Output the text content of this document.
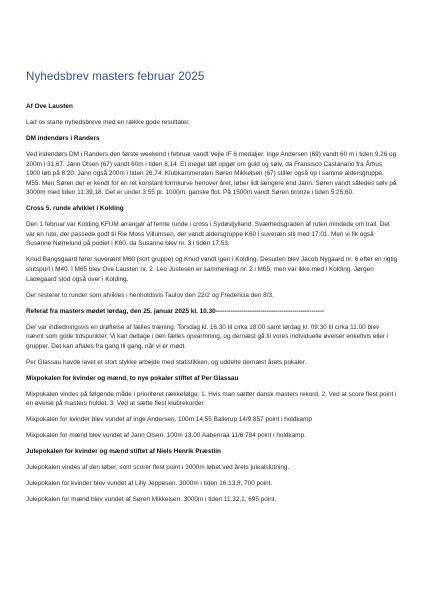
Nyhedsbrev masters februar 2025

Af Ove Lausten

Lad os starte nyhedsbreve med en række gode resultater.

DM indendørs i Randers

Ved indendørs DM i Randers den første weekend i februar vandt Vejle IF 6 medaljer. Inge Andersen (69) vandt 60 m i tiden 9,26 og 200m i 31,67. Jann Olsen (67) vandt 60m i tiden 8,14. Et meget tæt opgør om guld og sølv, da Fransisco Castanario fra Århus 1900 løb på 8:20. Jann også 200m i tiden 26,74. Klubkammeraten Søren Mikkelsen (67) stiller også op i samme aldersgruppe, M55. Men Søren der er kendt for en ret konstant formkurve henover året, løber lidt længere end Jann. Søren vandt således sølv på 3000m med tiden 11:39,18. Det er under 3:55 pr. 1000m, ganske flot. På 1500m vandt Søren bronze i tiden 5:25,60.

Cross 5. runde afviklet i Kolding

Den 1 februar var Kolding KFUM arrangør af femte runde i cross i Sydøstjylland. Sværhedsgraden af ruten mindede om trail. Det var en rute, der passede godt til Rie Moss Villumsen, der vandt aldersgruppe K60 i suveræn stil med 17:01. Men vi fik også Susanne Nørrelund på podiet i K60, da Susanne blev nr. 3 i tiden 17;53.

Knud Bangsgaard fører suverænt M60 (sort gruppe) og Knud vandt igen i Kolding. Desuden blev Jacob Nygaard nr. 6 efter en rigtig slutspurt i M40. I M65 blev Ove Lausten nr. 2. Leo Justesen er sammenlagt nr. 2 i M65, men var ikke med i Kolding. Jørgen Ladegaard stod også over i Kolding.

Der resterer to runder som afvikles i henholdsvis Taulov den 22/2 og Fredericia den 8/3.

Referat fra masters mødet lørdag, den 25. januar 2025 kl. 10.30---------------------------------------------------

Der var indledningsvis en drøftelse af fælles træning. Torsdag kl. 16:30 til cirka 18:00 samt lørdag kl. 09:30 til cirka 11:00 blev nævnt som gode tidspunkter. Vi kan deltage i den fælles opvarmning, og dernæst gå til vores individuelle øvelser enkeltvis eller i grupper. Det kan aftales fra gang til gang, når vi er mødt.

Per Glassau havde lavet et stort stykke arbejde med statistikken, og uddelte dernæst årets pokaler.

Mixpokalen for kvinder og mænd, to nye pokaler stiftet af Per Glassau

Mixpokalen vindes på følgende måde i prioriteret rækkefølge: 1. Hvis man sætter dansk masters rekord. 2. Ved at score flest point i en øvelse på masters holdet. 3. Ved at sætte flest klubrekorder.

Mixpokalen for kvinder blev vundet af Inge Andersen. 100m 14,55 Ballerup 14/9 857 point i holdkamp

Mixpokalen for mænd blev vundet af Jann Olsen. 100m 13.00 Aabenraa 11/6 784 point i holdkamp.

Julepokalen for kvinder og mænd stiftet af Niels Henrik Præstiin

Julepokalen vindes af den løber, som scorer flest point i 3000m løbet ved årets julealslutning.

Julepokalen for kvinder blev vundet af Lilly Jeppesen. 3000m i tiden 16.13,8, 700 point.

Julepokalen for mænd blev vundet af Søren Mikkelsen. 3000m i tiden 11.32,1, 695 point.
